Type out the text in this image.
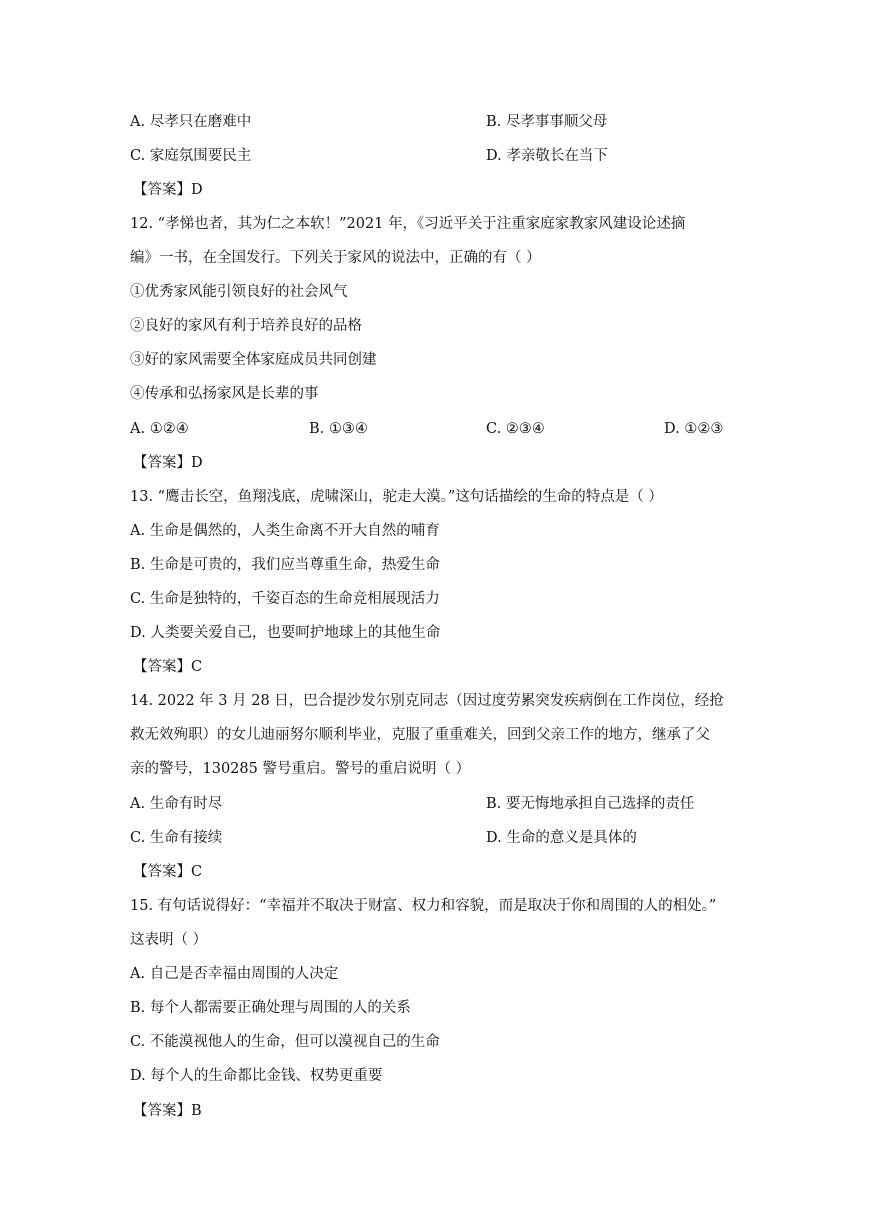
A. 尽孝只在磨难中	B. 尽孝事事顺父母
C. 家庭氛围要民主	D. 孝亲敬长在当下
【答案】D
12. “孝悌也者，其为仁之本软！”2021 年，《习近平关于注重家庭家教家风建设论述摘
编》一书，在全国发行。下列关于家风的说法中，正确的有（ ）
①优秀家风能引领良好的社会风气
②良好的家风有利于培养良好的品格
③好的家风需要全体家庭成员共同创建
④传承和弘扬家风是长辈的事
A. ①②④	B. ①③④	C. ②③④	D. ①②③
【答案】D
13. “鹰击长空，鱼翔浅底，虎啸深山，驼走大漠。”这句话描绘的生命的特点是（ ）
A. 生命是偶然的，人类生命离不开大自然的哺育
B. 生命是可贵的，我们应当尊重生命，热爱生命
C. 生命是独特的，千姿百态的生命竞相展现活力
D. 人类要关爱自己，也要呵护地球上的其他生命
【答案】C
14. 2022 年 3 月 28 日，巴合提沙发尔别克同志（因过度劳累突发疾病倒在工作岗位，经抢
救无效殉职）的女儿迪丽努尔顺利毕业，克服了重重难关，回到父亲工作的地方，继承了父
亲的警号，130285 警号重启。警号的重启说明（ ）
A. 生命有时尽	B. 要无悔地承担自己选择的责任
C. 生命有接续	D. 生命的意义是具体的
【答案】C
15. 有句话说得好：“幸福并不取决于财富、权力和容貌，而是取决于你和周围的人的相处。”
这表明（ ）
A. 自己是否幸福由周围的人决定
B. 每个人都需要正确处理与周围的人的关系
C. 不能漠视他人的生命，但可以漠视自己的生命
D. 每个人的生命都比金钱、权势更重要
【答案】B
